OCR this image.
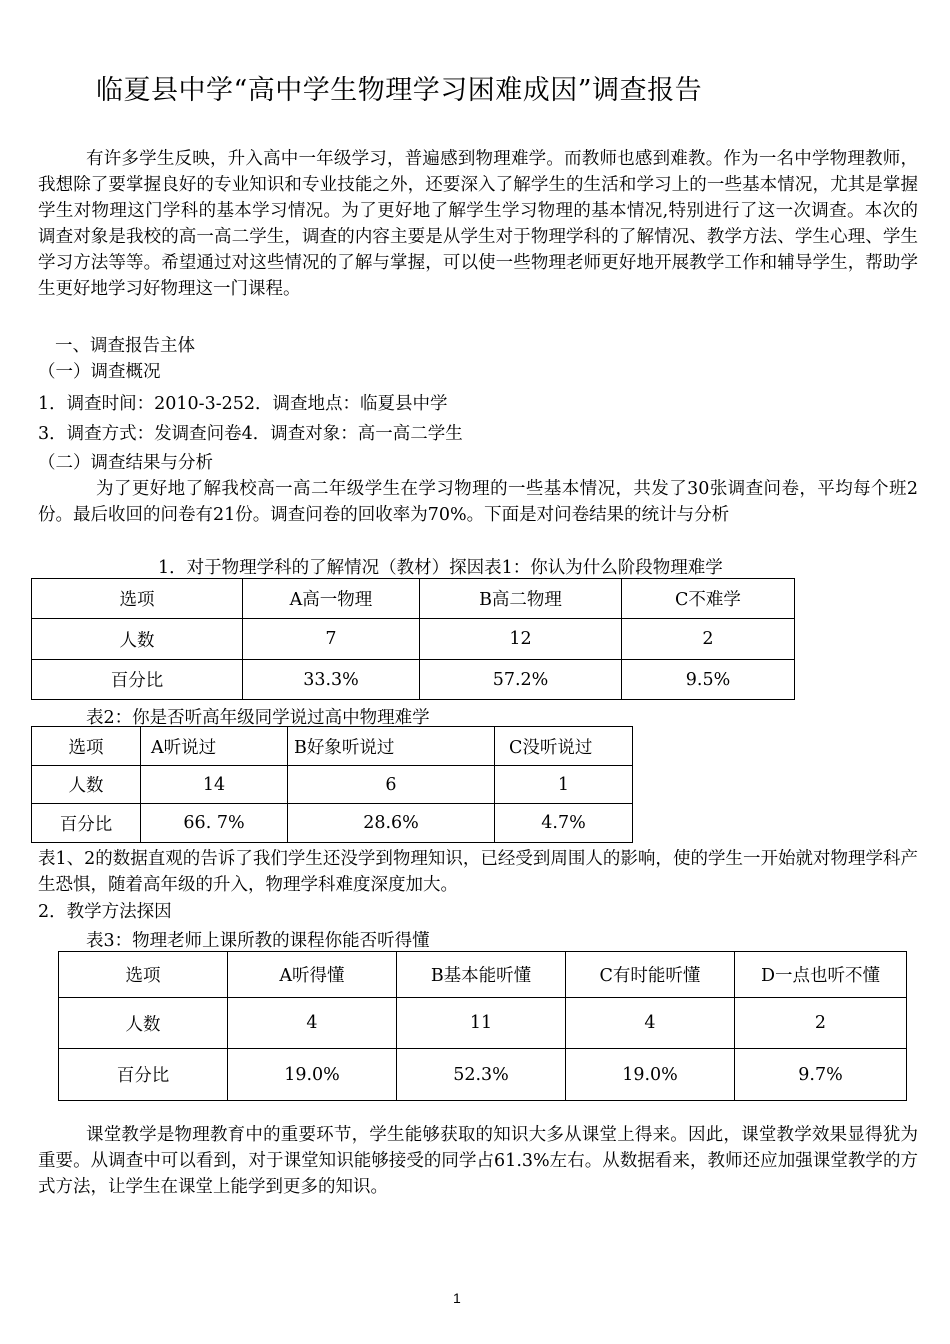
临夏县中学“高中学生物理学习困难成因”调查报告
有许多学生反映，升入高中一年级学习，普遍感到物理难学。而教师也感到难教。作为一名中学物理教师，我想除了要掌握良好的专业知识和专业技能之外，还要深入了解学生的生活和学习上的一些基本情况，尤其是掌握学生对物理这门学科的基本学习情况。为了更好地了解学生学习物理的基本情况,特别进行了这一次调查。本次的调查对象是我校的高一高二学生，调查的内容主要是从学生对于物理学科的了解情况、教学方法、学生心理、学生学习方法等等。希望通过对这些情况的了解与掌握，可以使一些物理老师更好地开展教学工作和辅导学生，帮助学生更好地学习好物理这一门课程。
一、调查报告主体
（一）调查概况
1．调查时间：2010-3-252．调查地点：临夏县中学
3．调查方式：发调查问卷4．调查对象：高一高二学生
（二）调查结果与分析
为了更好地了解我校高一高二年级学生在学习物理的一些基本情况，共发了30张调查问卷，平均每个班2份。最后收回的问卷有21份。调查问卷的回收率为70%。下面是对问卷结果的统计与分析
1．对于物理学科的了解情况（教材）探因表1：你认为什么阶段物理难学
选项	A高一物理	B高二物理	C不难学
人数	7	12	2
百分比	33.3%	57.2%	9.5%
表2：你是否听高年级同学说过高中物理难学
选项	A听说过	B好象听说过	C没听说过
人数	14	6	1
百分比	66. 7%	28.6%	4.7%
表1、2的数据直观的告诉了我们学生还没学到物理知识，已经受到周围人的影响，使的学生一开始就对物理学科产生恐惧，随着高年级的升入，物理学科难度深度加大。
2．教学方法探因
表3：物理老师上课所教的课程你能否听得懂
选项	A听得懂	B基本能听懂	C有时能听懂	D一点也听不懂
人数	4	11	4	2
百分比	19.0%	52.3%	19.0%	9.7%
课堂教学是物理教育中的重要环节，学生能够获取的知识大多从课堂上得来。因此，课堂教学效果显得犹为重要。从调查中可以看到，对于课堂知识能够接受的同学占61.3%左右。从数据看来，教师还应加强课堂教学的方式方法，让学生在课堂上能学到更多的知识。
1
